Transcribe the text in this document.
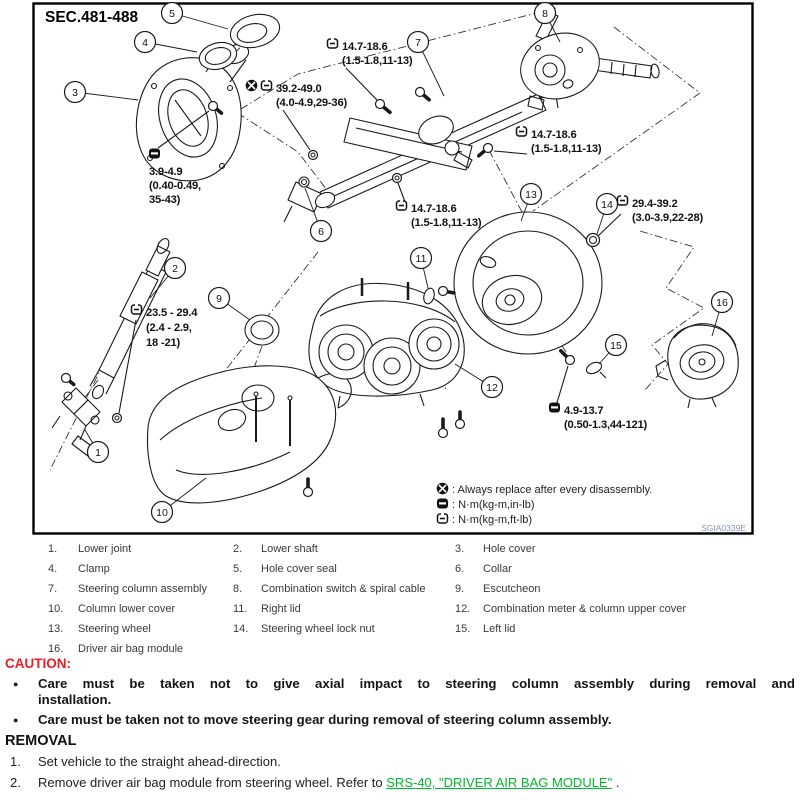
14.7-18.6
(1.5-1.8,11-13)
39.2-49.0
(4.0-4.9,29-36)
14.7-18.6
(1.5-1.8,11-13)
14.7-18.6
(1.5-1.8,11-13)
3.9-4.9
(0.40-0.49,
35-43)
23.5 - 29.4
(2.4 - 2.9,
18 -21)
29.4-39.2
(3.0-3.9,22-28)
4.9-13.7
(0.50-1.3,44-121)
1
2
3
4
5
6
7
8
9
10
11
12
13
14
15
16
: Always replace after every disassembly.
: N·m(kg-m,in-lb)
: N·m(kg-m,ft-lb)
SEC.481-488
SGIA0339E
1. Lower joint	2. Lower shaft	3. Hole cover
4. Clamp	5. Hole cover seal	6. Collar
7. Steering column assembly 8. Combination switch & spiral cable	9. Escutcheon
10. Column lower cover	11. Right lid	12. Combination meter & column upper cover
13. Steering wheel	14. Steering wheel lock nut	15. Left lid
16. Driver air bag module
CAUTION:
● Care must be taken not to give axial impact to steering column assembly during removal and
installation.
● Care must be taken not to move steering gear during removal of steering column assembly.
REMOVAL
1. Set vehicle to the straight ahead-direction.
2. Remove driver air bag module from steering wheel. Refer to SRS-40, "DRIVER AIR BAG MODULE" .
